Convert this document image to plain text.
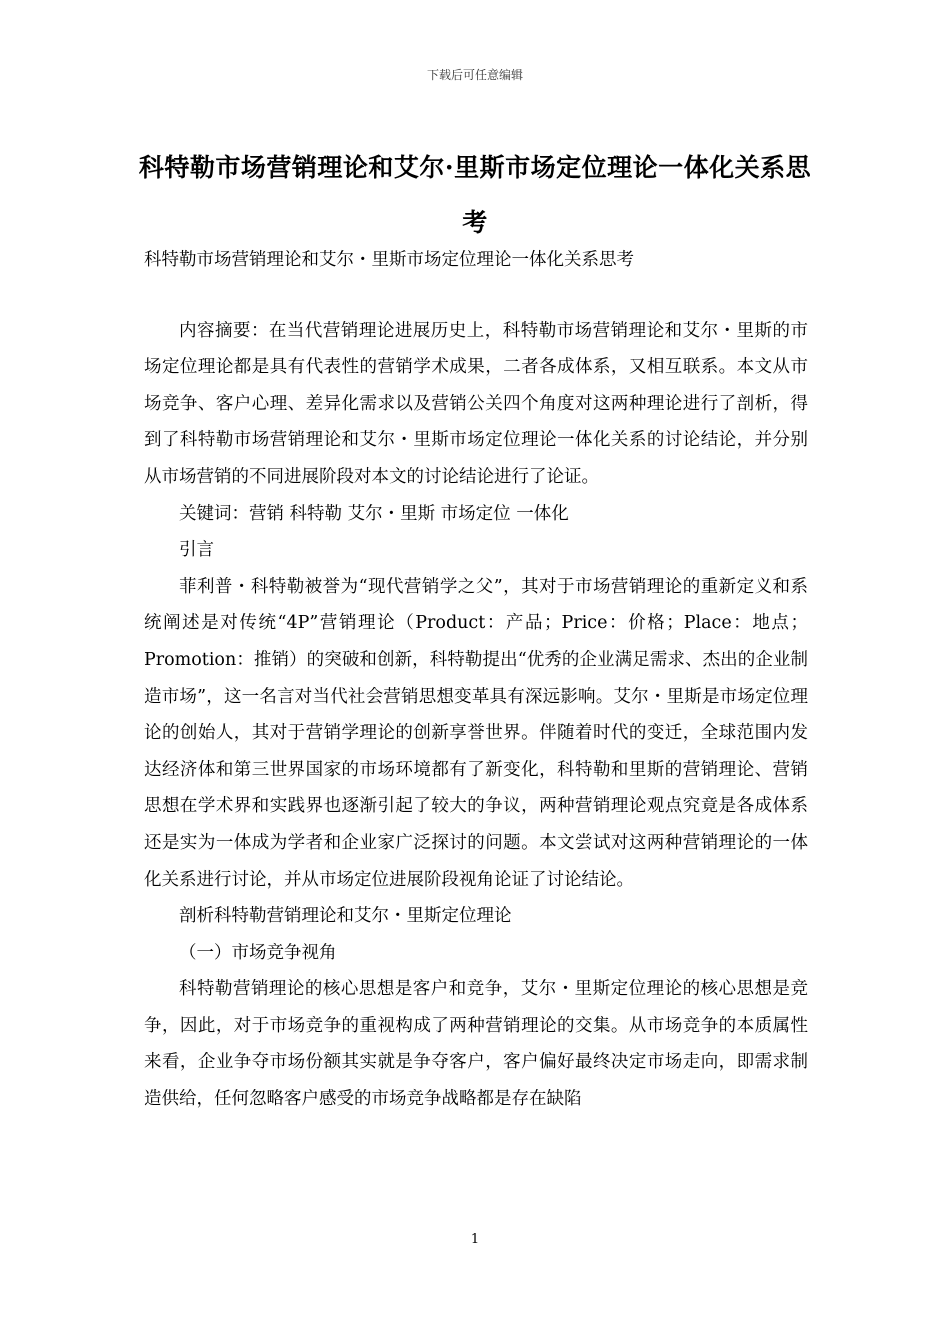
下载后可任意编辑
科特勒市场营销理论和艾尔·里斯市场定位理论一体化关系思考

科特勒市场营销理论和艾尔・里斯市场定位理论一体化关系思考

内容摘要：在当代营销理论进展历史上，科特勒市场营销理论和艾尔・里斯的市场定位理论都是具有代表性的营销学术成果，二者各成体系，又相互联系。本文从市场竞争、客户心理、差异化需求以及营销公关四个角度对这两种理论进行了剖析，得到了科特勒市场营销理论和艾尔・里斯市场定位理论一体化关系的讨论结论，并分别从市场营销的不同进展阶段对本文的讨论结论进行了论证。

关键词：营销 科特勒 艾尔・里斯 市场定位 一体化

引言

菲利普・科特勒被誉为“现代营销学之父”，其对于市场营销理论的重新定义和系统阐述是对传统“4P”营销理论（Product：产品；Price：价格；Place：地点；Promotion：推销）的突破和创新，科特勒提出“优秀的企业满足需求、杰出的企业制造市场”，这一名言对当代社会营销思想变革具有深远影响。艾尔・里斯是市场定位理论的创始人，其对于营销学理论的创新享誉世界。伴随着时代的变迁，全球范围内发达经济体和第三世界国家的市场环境都有了新变化，科特勒和里斯的营销理论、营销思想在学术界和实践界也逐渐引起了较大的争议，两种营销理论观点究竟是各成体系还是实为一体成为学者和企业家广泛探讨的问题。本文尝试对这两种营销理论的一体化关系进行讨论，并从市场定位进展阶段视角论证了讨论结论。

剖析科特勒营销理论和艾尔・里斯定位理论

（一）市场竞争视角

科特勒营销理论的核心思想是客户和竞争，艾尔・里斯定位理论的核心思想是竞争，因此，对于市场竞争的重视构成了两种营销理论的交集。从市场竞争的本质属性来看，企业争夺市场份额其实就是争夺客户，客户偏好最终决定市场走向，即需求制造供给，任何忽略客户感受的市场竞争战略都是存在缺陷

1
